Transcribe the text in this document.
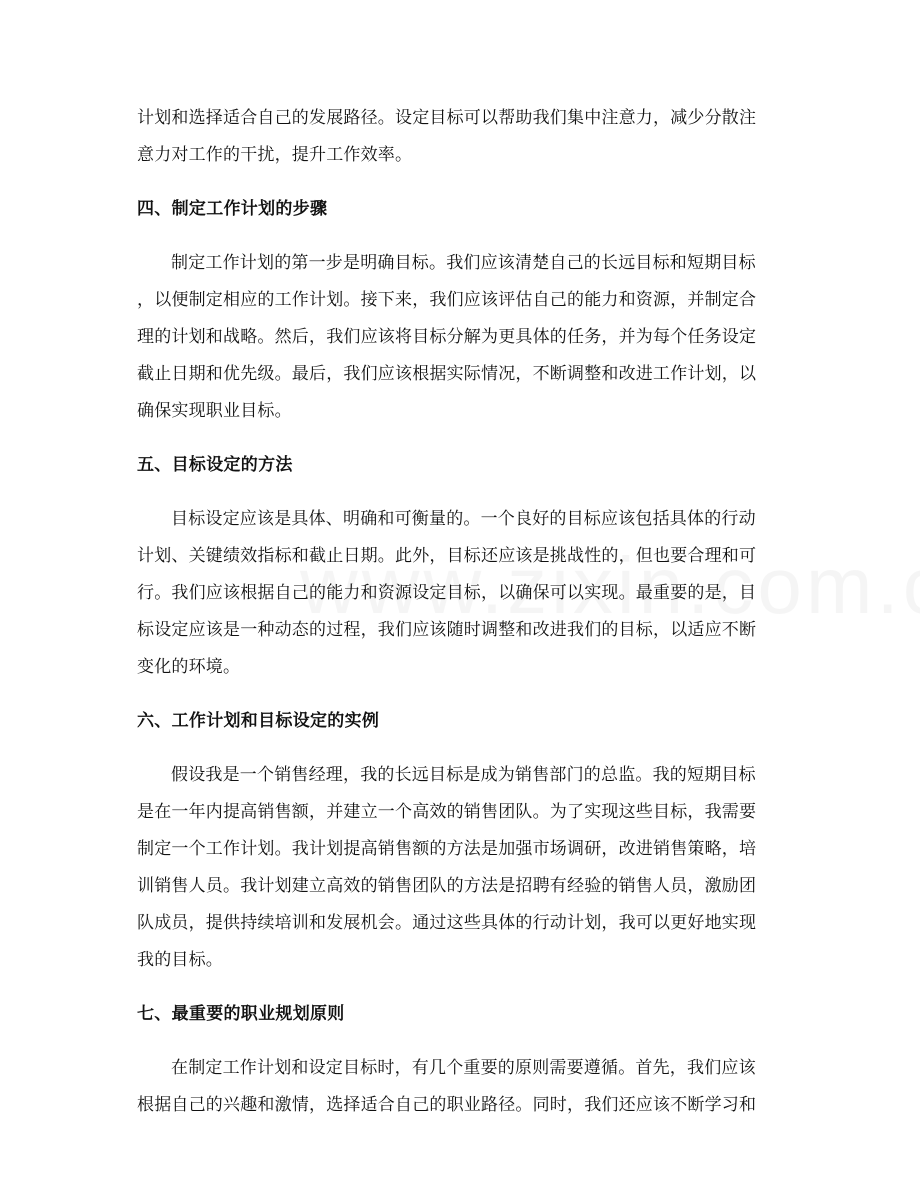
计划和选择适合自己的发展路径。设定目标可以帮助我们集中注意力，减少分散注
意力对工作的干扰，提升工作效率。
四、制定工作计划的步骤
制定工作计划的第一步是明确目标。我们应该清楚自己的长远目标和短期目标
，以便制定相应的工作计划。接下来，我们应该评估自己的能力和资源，并制定合
理的计划和战略。然后，我们应该将目标分解为更具体的任务，并为每个任务设定
截止日期和优先级。最后，我们应该根据实际情况，不断调整和改进工作计划，以
确保实现职业目标。
五、目标设定的方法
目标设定应该是具体、明确和可衡量的。一个良好的目标应该包括具体的行动
计划、关键绩效指标和截止日期。此外，目标还应该是挑战性的，但也要合理和可
行。我们应该根据自己的能力和资源设定目标，以确保可以实现。最重要的是，目
标设定应该是一种动态的过程，我们应该随时调整和改进我们的目标，以适应不断
变化的环境。
六、工作计划和目标设定的实例
假设我是一个销售经理，我的长远目标是成为销售部门的总监。我的短期目标
是在一年内提高销售额，并建立一个高效的销售团队。为了实现这些目标，我需要
制定一个工作计划。我计划提高销售额的方法是加强市场调研，改进销售策略，培
训销售人员。我计划建立高效的销售团队的方法是招聘有经验的销售人员，激励团
队成员，提供持续培训和发展机会。通过这些具体的行动计划，我可以更好地实现
我的目标。
七、最重要的职业规划原则
在制定工作计划和设定目标时，有几个重要的原则需要遵循。首先，我们应该
根据自己的兴趣和激情，选择适合自己的职业路径。同时，我们还应该不断学习和
